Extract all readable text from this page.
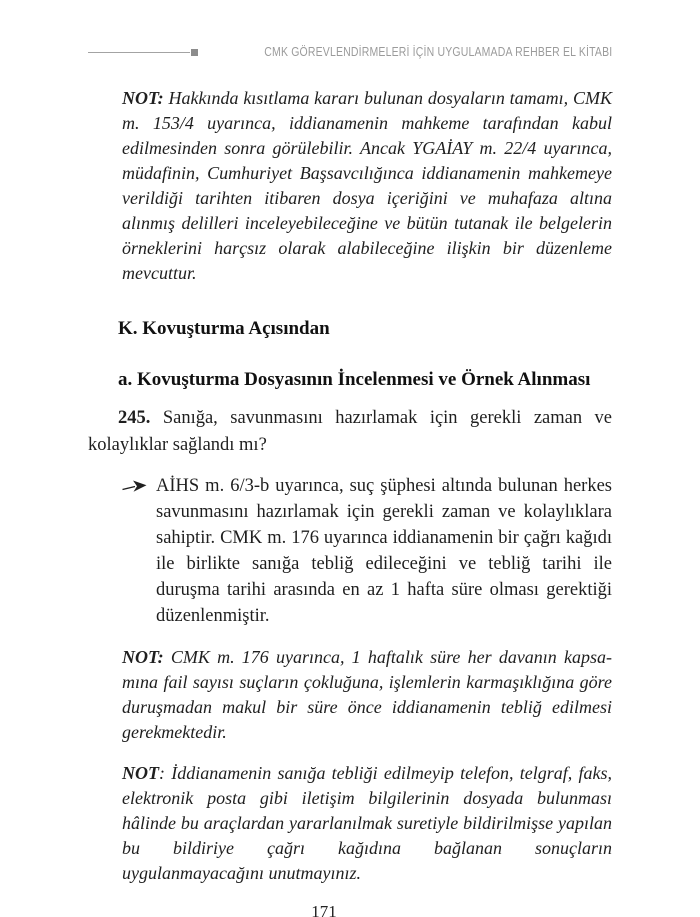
CMK GÖREVLENDİRMELERİ İÇİN UYGULAMADA REHBER EL KİTABI

NOT: Hakkında kısıtlama kararı bulunan dosyaların tamamı, CMK m. 153/4 uyarınca, iddianamenin mahkeme tarafından kabul edilmesinden sonra görülebilir. Ancak YGAİAY m. 22/4 uyarınca, müdafinin, Cumhuriyet Başsavcılığınca iddianamenin mahkemeye verildiği tarihten itibaren dosya içeriğini ve muhafaza altına alınmış delilleri inceleyebileceğine ve bütün tutanak ile belgelerin örneklerini harçsız olarak alabileceğine ilişkin bir düzenleme mevcuttur.

K. Kovuşturma Açısından
a. Kovuşturma Dosyasının İncelenmesi ve Örnek Alınması

245. Sanığa, savunmasını hazırlamak için gerekli zaman ve kolaylıklar sağlandı mı?

AİHS m. 6/3-b uyarınca, suç şüphesi altında bulunan herkes savunmasını hazırlamak için gerekli zaman ve kolaylıklara sahiptir. CMK m. 176 uyarınca iddianamenin bir çağrı kağıdı ile birlikte sanığa tebliğ edileceğini ve tebliğ tarihi ile duruşma tarihi arasında en az 1 hafta süre olması gerektiği düzenlenmiştir.

NOT: CMK m. 176 uyarınca, 1 haftalık süre her davanın kapsamına fail sayısı suçların çokluğuna, işlemlerin karmaşıklığına göre duruşmadan makul bir süre önce iddianamenin tebliğ edilmesi gerekmektedir.

NOT: İddianamenin sanığa tebliği edilmeyip telefon, telgraf, faks, elektronik posta gibi iletişim bilgilerinin dosyada bulunması hâlinde bu araçlardan yararlanılmak suretiyle bildirilmişse yapılan bu bildiriye çağrı kağıdına bağlanan sonuçların uygulanmayacağını unutmayınız.

171
